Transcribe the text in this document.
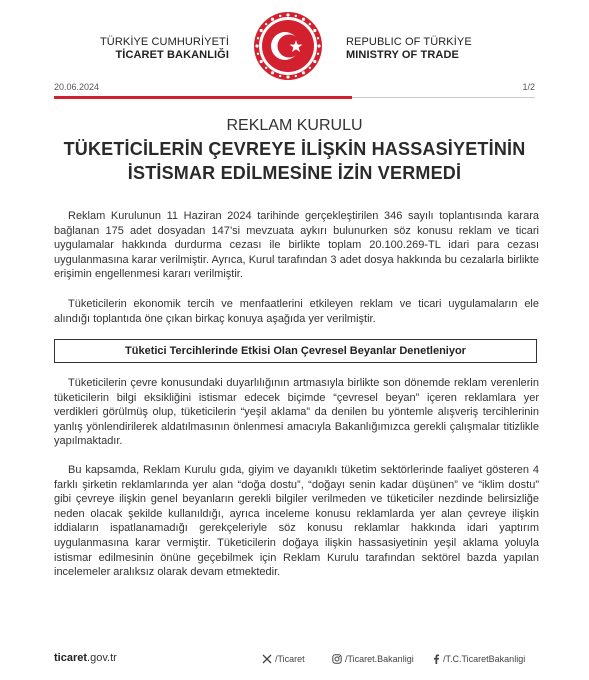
TÜRKİYE CUMHURİYETİ
TİCARET BAKANLIĞI
REPUBLIC OF TÜRKİYE
MINISTRY OF TRADE
20.06.2024	1/2
REKLAM KURULU
TÜKETİCİLERİN ÇEVREYE İLİŞKİN HASSASİYETİNİN İSTİSMAR EDİLMESİNE İZİN VERMEDİ
Reklam Kurulunun 11 Haziran 2024 tarihinde gerçekleştirilen 346 sayılı toplantısında karara bağlanan 175 adet dosyadan 147’si mevzuata aykırı bulunurken söz konusu reklam ve ticari uygulamalar hakkında durdurma cezası ile birlikte toplam 20.100.269-TL idari para cezası uygulanmasına karar verilmiştir. Ayrıca, Kurul tarafından 3 adet dosya hakkında bu cezalarla birlikte erişimin engellenmesi kararı verilmiştir.
Tüketicilerin ekonomik tercih ve menfaatlerini etkileyen reklam ve ticari uygulamaların ele alındığı toplantıda öne çıkan birkaç konuya aşağıda yer verilmiştir.
Tüketici Tercihlerinde Etkisi Olan Çevresel Beyanlar Denetleniyor
Tüketicilerin çevre konusundaki duyarlılığının artmasıyla birlikte son dönemde reklam verenlerin tüketicilerin bilgi eksikliğini istismar edecek biçimde “çevresel beyan” içeren reklamlara yer verdikleri görülmüş olup, tüketicilerin “yeşil aklama” da denilen bu yöntemle alışveriş tercihlerinin yanlış yönlendirilerek aldatılmasının önlenmesi amacıyla Bakanlığımızca gerekli çalışmalar titizlikle yapılmaktadır.
Bu kapsamda, Reklam Kurulu gıda, giyim ve dayanıklı tüketim sektörlerinde faaliyet gösteren 4 farklı şirketin reklamlarında yer alan “doğa dostu”, “doğayı senin kadar düşünen” ve “iklim dostu” gibi çevreye ilişkin genel beyanların gerekli bilgiler verilmeden ve tüketiciler nezdinde belirsizliğe neden olacak şekilde kullanıldığı, ayrıca inceleme konusu reklamlarda yer alan çevreye ilişkin iddiaların ispatlanamadığı gerekçeleriyle söz konusu reklamlar hakkında idari yaptırım uygulanmasına karar vermiştir. Tüketicilerin doğaya ilişkin hassasiyetinin yeşil aklama yoluyla istismar edilmesinin önüne geçebilmek için Reklam Kurulu tarafından sektörel bazda yapılan incelemeler aralıksız olarak devam etmektedir.
ticaret.gov.tr	/Ticaret	/Ticaret.Bakanligi	/T.C.TicaretBakanligi
